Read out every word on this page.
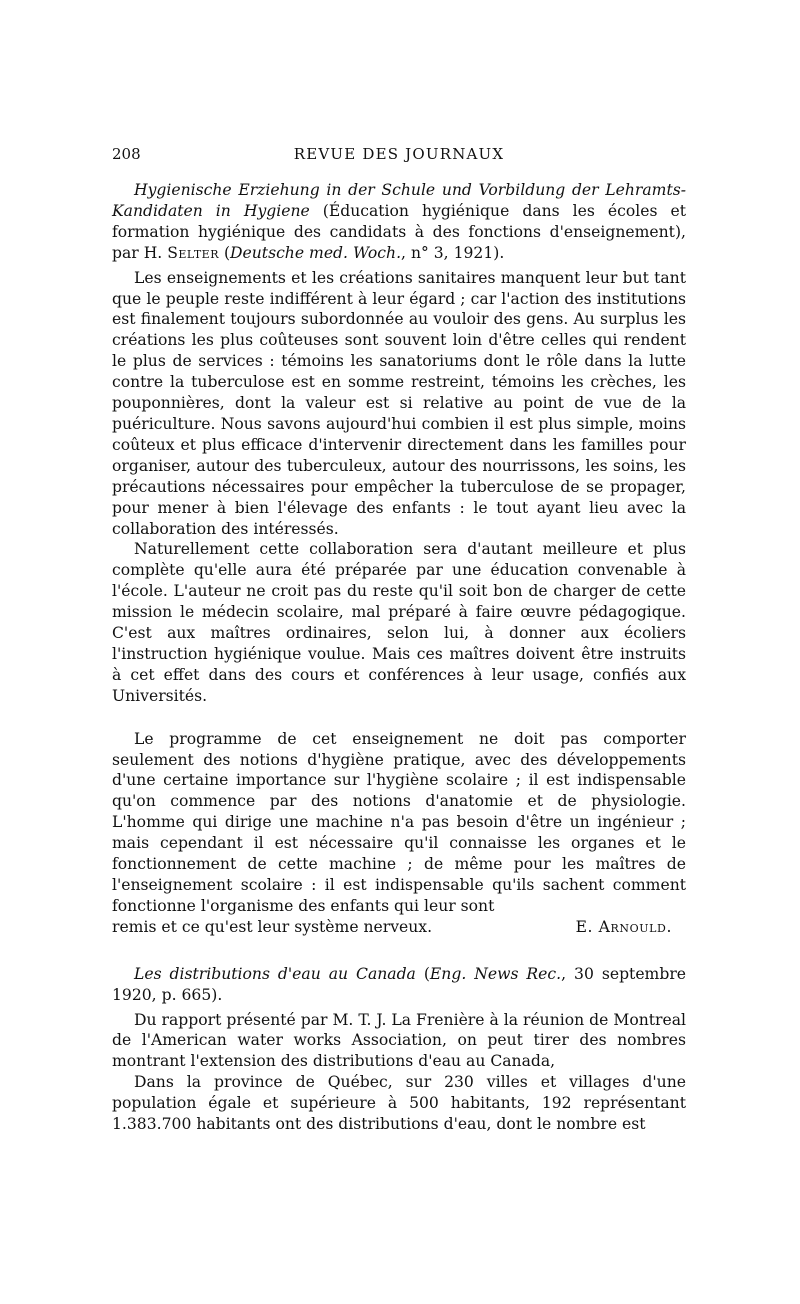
208	REVUE DES JOURNAUX

Hygienische Erziehung in der Schule und Vorbildung der Lehramts-Kandidaten in Hygiene (Éducation hygiénique dans les écoles et formation hygiénique des candidats à des fonctions d'enseignement), par H. Selter (Deutsche med. Woch., n° 3, 1921).

Les enseignements et les créations sanitaires manquent leur but tant que le peuple reste indifférent à leur égard ; car l'action des institutions est finalement toujours subordonnée au vouloir des gens. Au surplus les créations les plus coûteuses sont souvent loin d'être celles qui rendent le plus de services : témoins les sanatoriums dont le rôle dans la lutte contre la tuberculose est en somme restreint, témoins les crèches, les pouponnières, dont la valeur est si relative au point de vue de la puériculture. Nous savons aujourd'hui combien il est plus simple, moins coûteux et plus efficace d'intervenir directement dans les familles pour organiser, autour des tuberculeux, autour des nourrissons, les soins, les précautions nécessaires pour empêcher la tuberculose de se propager, pour mener à bien l'élevage des enfants : le tout ayant lieu avec la collaboration des intéressés.

Naturellement cette collaboration sera d'autant meilleure et plus complète qu'elle aura été préparée par une éducation convenable à l'école. L'auteur ne croit pas du reste qu'il soit bon de charger de cette mission le médecin scolaire, mal préparé à faire œuvre pédagogique. C'est aux maîtres ordinaires, selon lui, à donner aux écoliers l'instruction hygiénique voulue. Mais ces maîtres doivent être instruits à cet effet dans des cours et conférences à leur usage, confiés aux Universités.

Le programme de cet enseignement ne doit pas comporter seulement des notions d'hygiène pratique, avec des développements d'une certaine importance sur l'hygiène scolaire ; il est indispensable qu'on commence par des notions d'anatomie et de physiologie. L'homme qui dirige une machine n'a pas besoin d'être un ingénieur ; mais cependant il est nécessaire qu'il connaisse les organes et le fonctionnement de cette machine ; de même pour les maîtres de l'enseignement scolaire : il est indispensable qu'ils sachent comment fonctionne l'organisme des enfants qui leur sont

remis et ce qu'est leur système nerveux.	E. Arnould.

Les distributions d'eau au Canada (Eng. News Rec., 30 septembre 1920, p. 665).

Du rapport présenté par M. T. J. La Frenière à la réunion de Montreal de l'American water works Association, on peut tirer des nombres montrant l'extension des distributions d'eau au Canada,

Dans la province de Québec, sur 230 villes et villages d'une population égale et supérieure à 500 habitants, 192 représentant 1.383.700 habitants ont des distributions d'eau, dont le nombre est
